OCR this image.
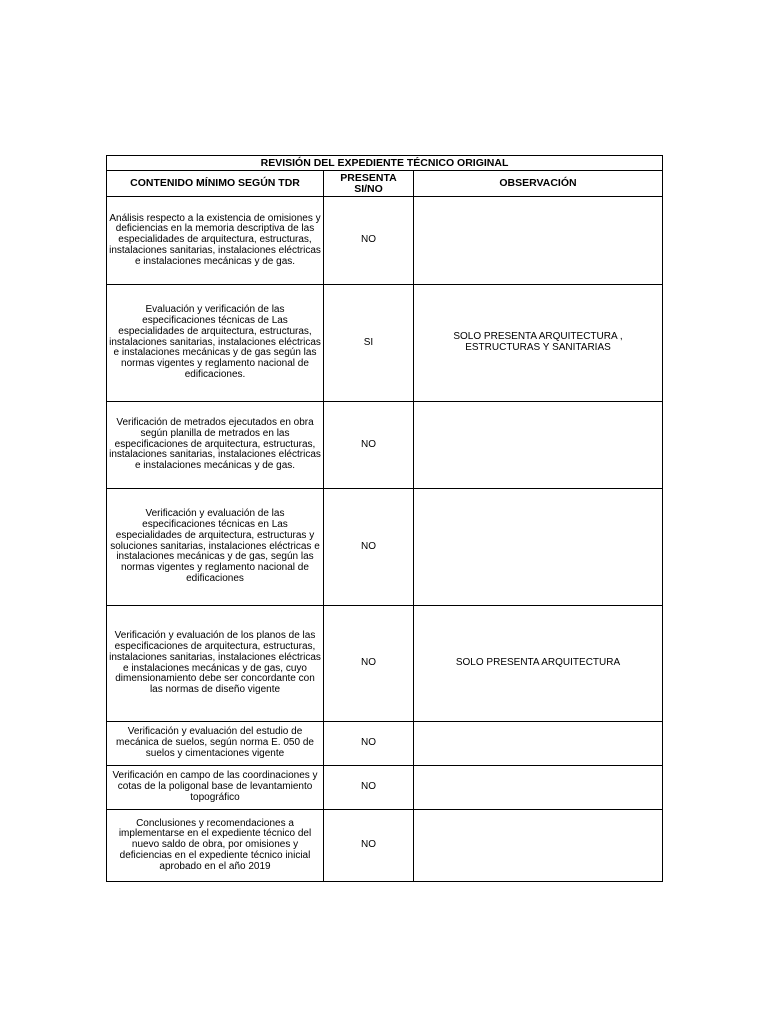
REVISIÓN DEL EXPEDIENTE TÉCNICO ORIGINAL		
CONTENIDO MÍNIMO SEGÚN TDR	PRESENTA SI/NO	OBSERVACIÓN
Análisis respecto a la existencia de omisiones y deficiencias en la memoria descriptiva de las especialidades de arquitectura, estructuras, instalaciones sanitarias, instalaciones eléctricas e instalaciones mecánicas y de gas.	NO	
Evaluación y verificación de las especificaciones técnicas de Las especialidades de arquitectura, estructuras, instalaciones sanitarias, instalaciones eléctricas e instalaciones mecánicas y de gas según las normas vigentes y reglamento nacional de edificaciones.	SI	SOLO PRESENTA ARQUITECTURA , ESTRUCTURAS Y SANITARIAS
Verificación de metrados ejecutados en obra según planilla de metrados en las especificaciones de arquitectura, estructuras, instalaciones sanitarias, instalaciones eléctricas e instalaciones mecánicas y de gas.	NO	
Verificación y evaluación de las especificaciones técnicas en Las especialidades de arquitectura, estructuras y soluciones sanitarias, instalaciones eléctricas e instalaciones mecánicas y de gas, según las normas vigentes y reglamento nacional de edificaciones	NO	
Verificación y evaluación de los planos de las especificaciones de arquitectura, estructuras, instalaciones sanitarias, instalaciones eléctricas e instalaciones mecánicas y de gas, cuyo dimensionamiento debe ser concordante con las normas de diseño vigente	NO	SOLO PRESENTA ARQUITECTURA
Verificación y evaluación del estudio de mecánica de suelos, según norma E. 050 de suelos y cimentaciones vigente	NO	
Verificación en campo de las coordinaciones y cotas de la poligonal base de levantamiento topográfico	NO	
Conclusiones y recomendaciones a implementarse en el expediente técnico del nuevo saldo de obra, por omisiones y deficiencias en el expediente técnico inicial aprobado en el año 2019	NO	
